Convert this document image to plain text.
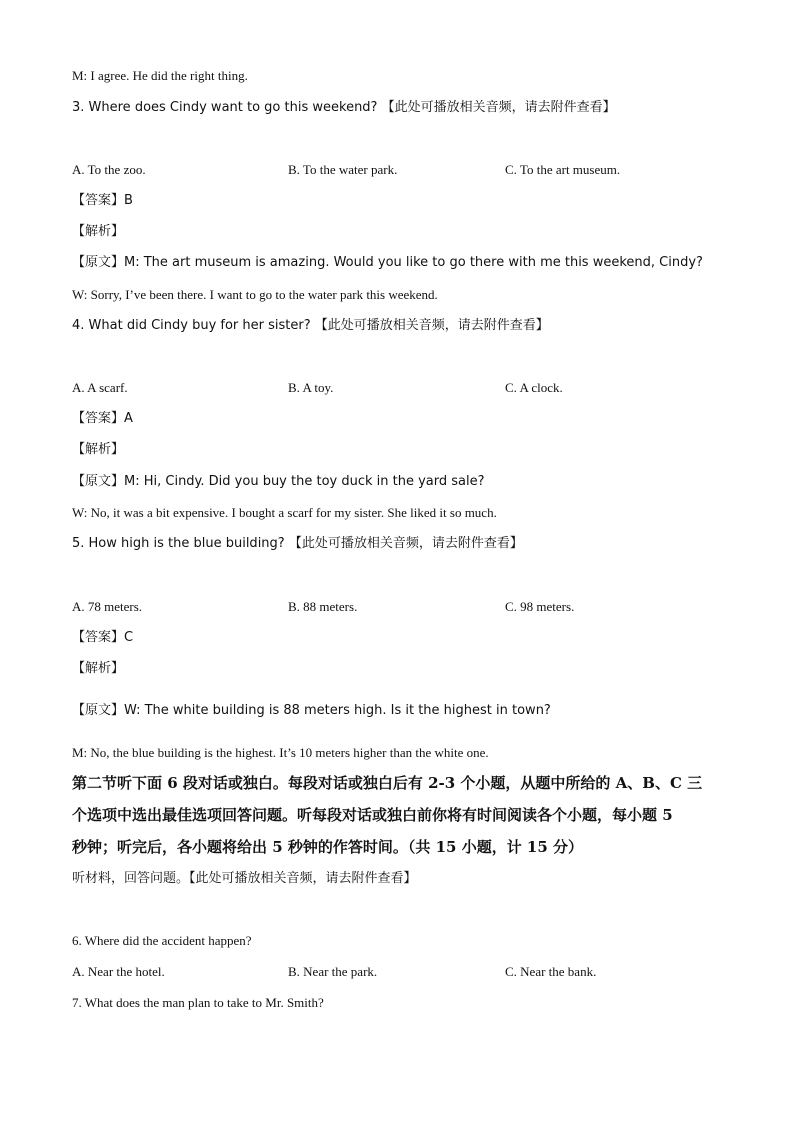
M: I agree. He did the right thing.
3. Where does Cindy want to go this weekend? 【此处可播放相关音频，请去附件查看】
A. To the zoo.	B. To the water park.	C. To the art museum.
【答案】B
【解析】
【原文】M: The art museum is amazing. Would you like to go there with me this weekend, Cindy?
W: Sorry, I’ve been there. I want to go to the water park this weekend.
4. What did Cindy buy for her sister? 【此处可播放相关音频，请去附件查看】
A. A scarf.	B. A toy.	C. A clock.
【答案】A
【解析】
【原文】M: Hi, Cindy. Did you buy the toy duck in the yard sale?
W: No, it was a bit expensive. I bought a scarf for my sister. She liked it so much.
5. How high is the blue building? 【此处可播放相关音频，请去附件查看】
A. 78 meters.	B. 88 meters.	C. 98 meters.
【答案】C
【解析】
【原文】W: The white building is 88 meters high. Is it the highest in town?
M: No, the blue building is the highest. It’s 10 meters higher than the white one.
第二节听下面 6 段对话或独白。每段对话或独白后有 2-3 个小题，从题中所给的 A、B、C 三
个选项中选出最佳选项回答问题。听每段对话或独白前你将有时间阅读各个小题，每小题 5
秒钟；听完后，各小题将给出 5 秒钟的作答时间。（共 15 小题，计 15 分）
听材料，回答问题。【此处可播放相关音频，请去附件查看】
6. Where did the accident happen?
A. Near the hotel.	B. Near the park.	C. Near the bank.
7. What does the man plan to take to Mr. Smith?
